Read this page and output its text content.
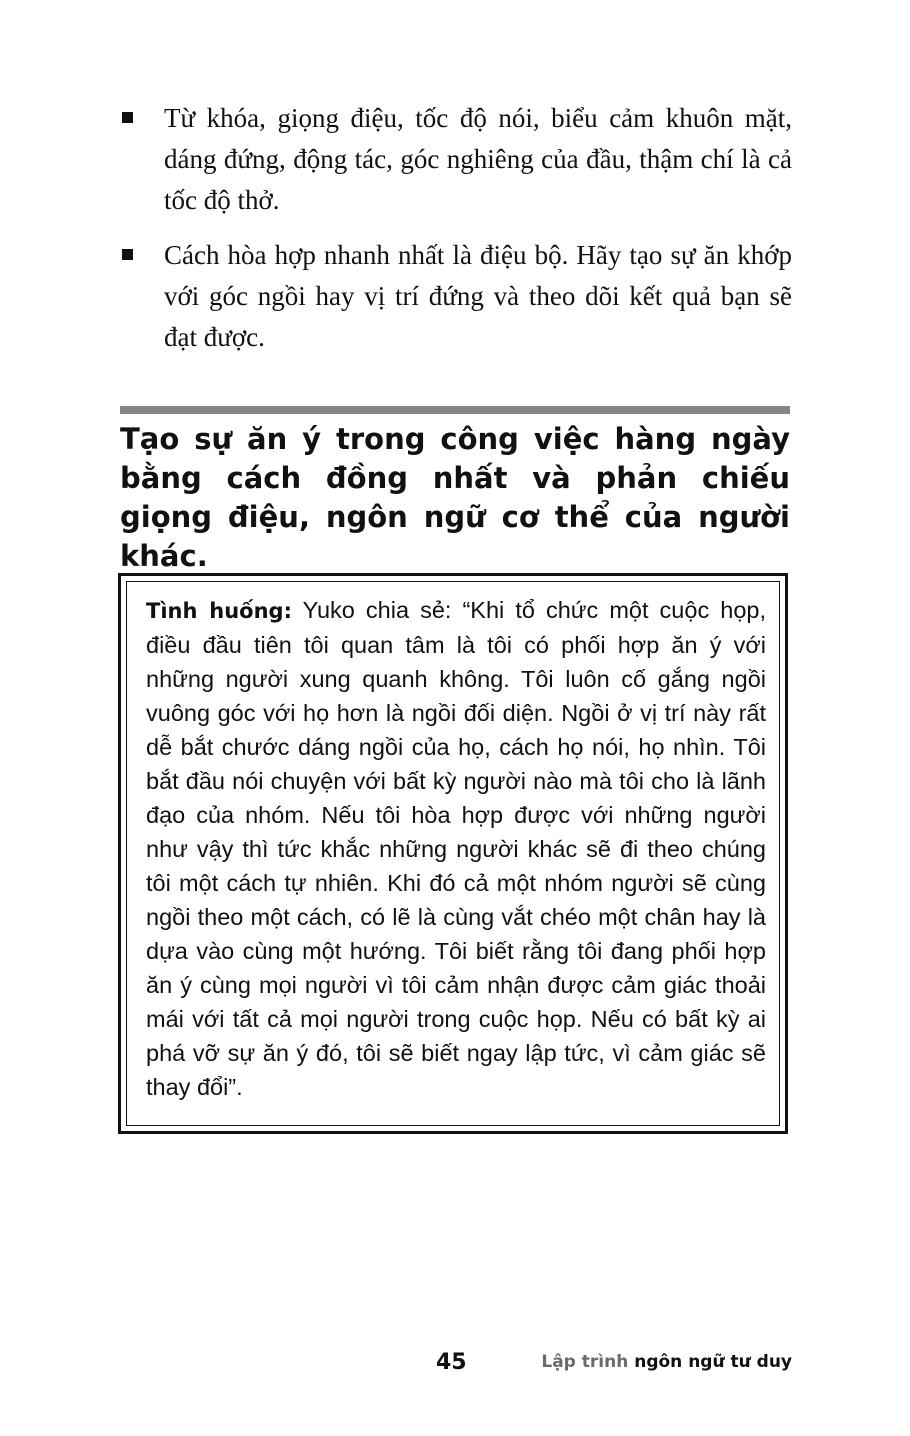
Từ khóa, giọng điệu, tốc độ nói, biểu cảm khuôn mặt, dáng đứng, động tác, góc nghiêng của đầu, thậm chí là cả tốc độ thở.
Cách hòa hợp nhanh nhất là điệu bộ. Hãy tạo sự ăn khớp với góc ngồi hay vị trí đứng và theo dõi kết quả bạn sẽ đạt được.
Tạo sự ăn ý trong công việc hàng ngày bằng cách đồng nhất và phản chiếu giọng điệu, ngôn ngữ cơ thể của người khác.

Tình huống: Yuko chia sẻ: “Khi tổ chức một cuộc họp, điều đầu tiên tôi quan tâm là tôi có phối hợp ăn ý với những người xung quanh không. Tôi luôn cố gắng ngồi vuông góc với họ hơn là ngồi đối diện. Ngồi ở vị trí này rất dễ bắt chước dáng ngồi của họ, cách họ nói, họ nhìn. Tôi bắt đầu nói chuyện với bất kỳ người nào mà tôi cho là lãnh đạo của nhóm. Nếu tôi hòa hợp được với những người như vậy thì tức khắc những người khác sẽ đi theo chúng tôi một cách tự nhiên. Khi đó cả một nhóm người sẽ cùng ngồi theo một cách, có lẽ là cùng vắt chéo một chân hay là dựa vào cùng một hướng. Tôi biết rằng tôi đang phối hợp ăn ý cùng mọi người vì tôi cảm nhận được cảm giác thoải mái với tất cả mọi người trong cuộc họp. Nếu có bất kỳ ai phá vỡ sự ăn ý đó, tôi sẽ biết ngay lập tức, vì cảm giác sẽ thay đổi”.

45	Lập trình ngôn ngữ tư duy
